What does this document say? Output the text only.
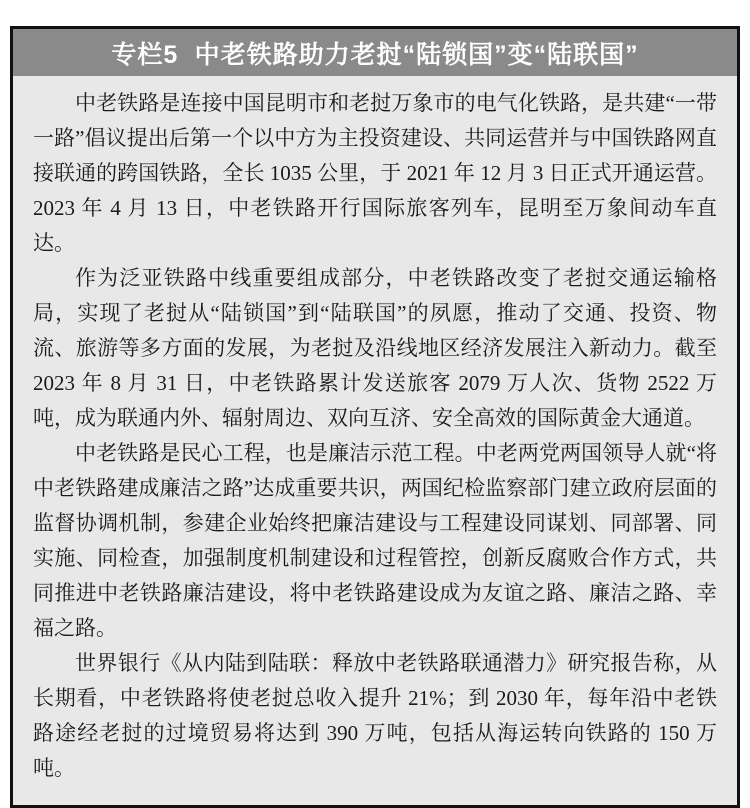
专栏5 中老铁路助力老挝“陆锁国”变“陆联国”

中老铁路是连接中国昆明市和老挝万象市的电气化铁路，是共建“一带一路”倡议提出后第一个以中方为主投资建设、共同运营并与中国铁路网直接联通的跨国铁路，全长 1035 公里，于 2021 年 12 月 3 日正式开通运营。2023 年 4 月 13 日，中老铁路开行国际旅客列车，昆明至万象间动车直达。

作为泛亚铁路中线重要组成部分，中老铁路改变了老挝交通运输格局，实现了老挝从“陆锁国”到“陆联国”的夙愿，推动了交通、投资、物流、旅游等多方面的发展，为老挝及沿线地区经济发展注入新动力。截至 2023 年 8 月 31 日，中老铁路累计发送旅客 2079 万人次、货物 2522 万吨，成为联通内外、辐射周边、双向互济、安全高效的国际黄金大通道。

中老铁路是民心工程，也是廉洁示范工程。中老两党两国领导人就“将中老铁路建成廉洁之路”达成重要共识，两国纪检监察部门建立政府层面的监督协调机制，参建企业始终把廉洁建设与工程建设同谋划、同部署、同实施、同检查，加强制度机制建设和过程管控，创新反腐败合作方式，共同推进中老铁路廉洁建设，将中老铁路建设成为友谊之路、廉洁之路、幸福之路。

世界银行《从内陆到陆联：释放中老铁路联通潜力》研究报告称，从长期看，中老铁路将使老挝总收入提升 21%；到 2030 年，每年沿中老铁路途经老挝的过境贸易将达到 390 万吨，包括从海运转向铁路的 150 万吨。
